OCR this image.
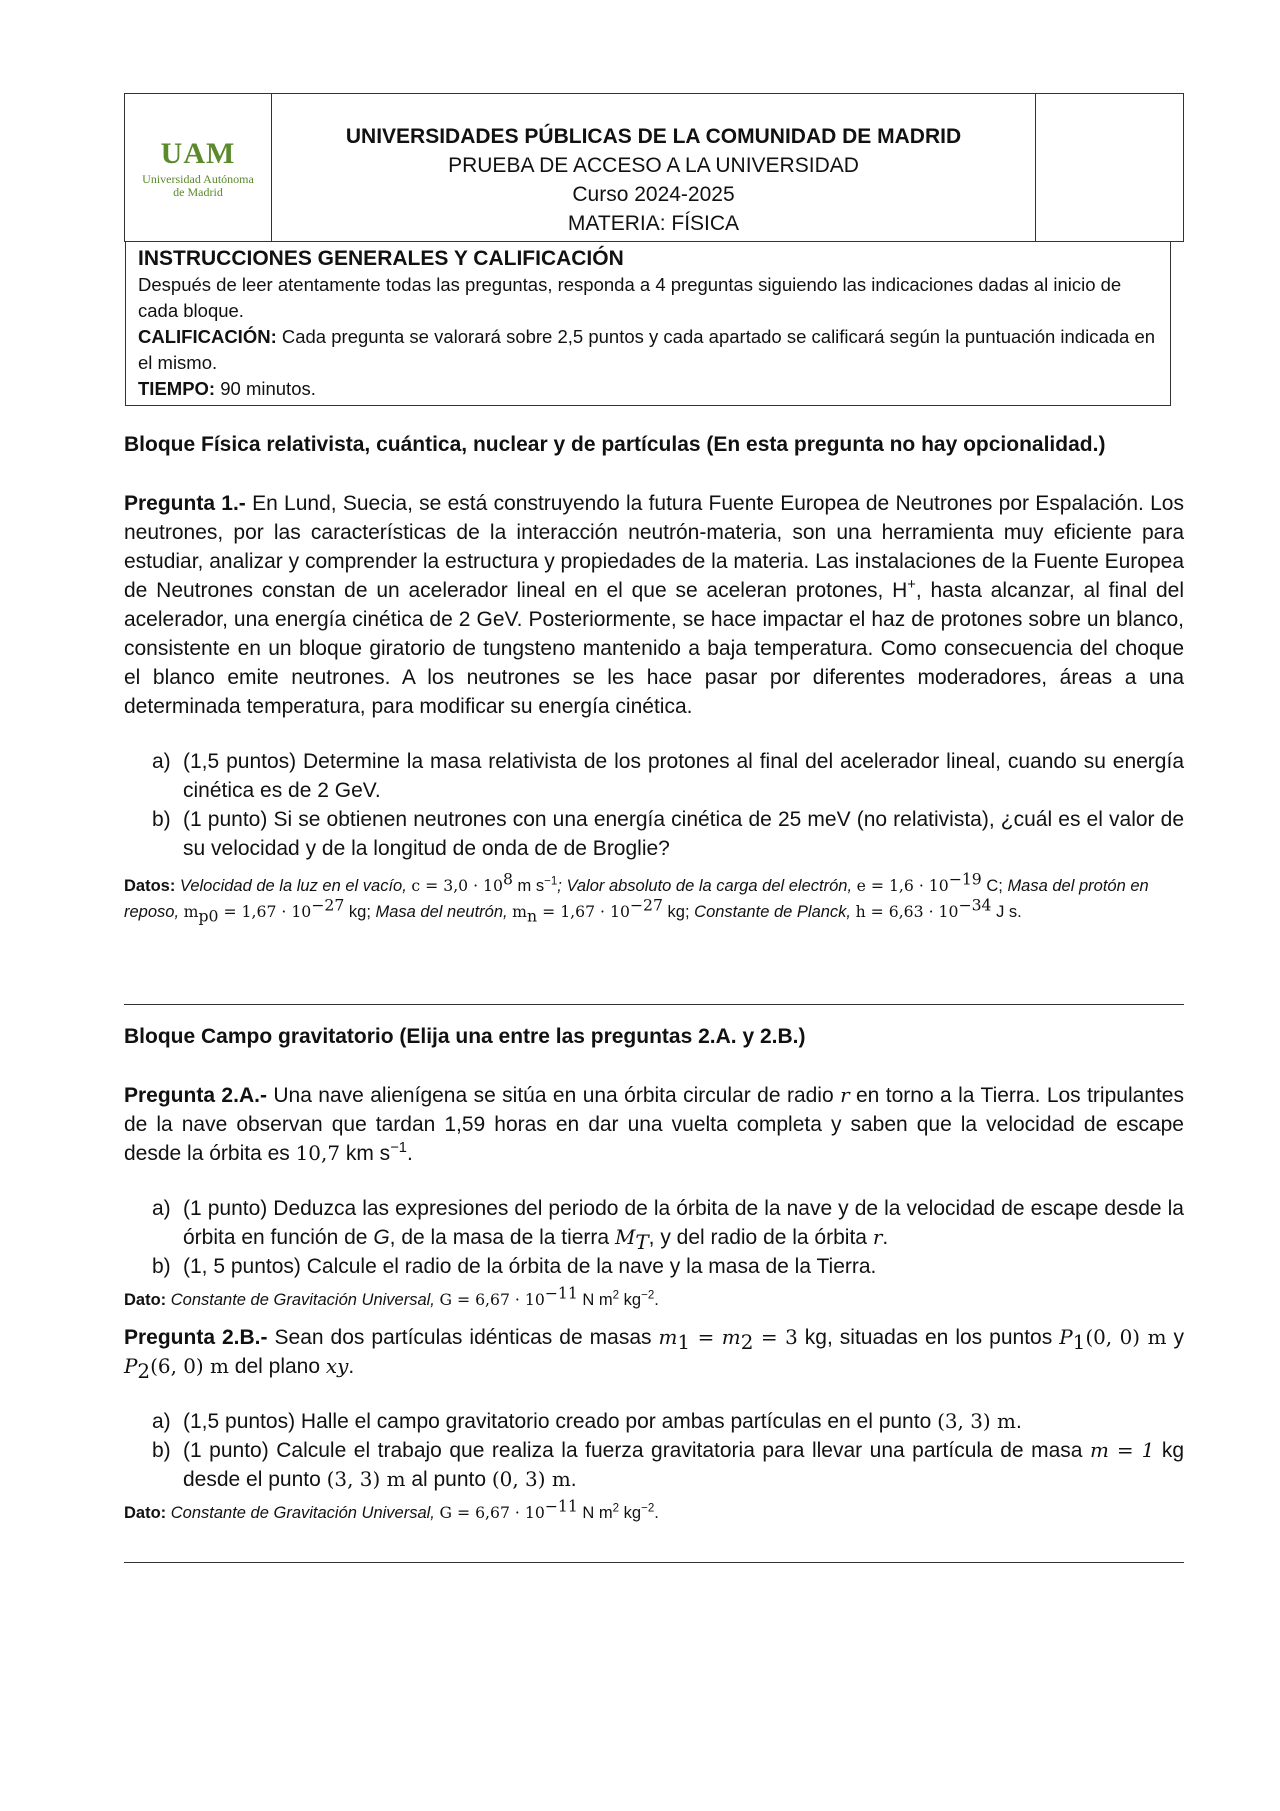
UAM
Universidad Autónoma
de Madrid
UNIVERSIDADES PÚBLICAS DE LA COMUNIDAD DE MADRID
PRUEBA DE ACCESO A LA UNIVERSIDAD
Curso 2024-2025
MATERIA: FÍSICA
INSTRUCCIONES GENERALES Y CALIFICACIÓN
Después de leer atentamente todas las preguntas, responda a 4 preguntas siguiendo las indicaciones dadas al inicio de cada bloque.
CALIFICACIÓN: Cada pregunta se valorará sobre 2,5 puntos y cada apartado se calificará según la puntuación indicada en el mismo.
TIEMPO: 90 minutos.

Bloque Física relativista, cuántica, nuclear y de partículas (En esta pregunta no hay opcionalidad.)

Pregunta 1.- En Lund, Suecia, se está construyendo la futura Fuente Europea de Neutrones por Espalación. Los neutrones, por las características de la interacción neutrón-materia, son una herramienta muy eficiente para estudiar, analizar y comprender la estructura y propiedades de la materia. Las instalaciones de la Fuente Europea de Neutrones constan de un acelerador lineal en el que se aceleran protones, H+, hasta alcanzar, al final del acelerador, una energía cinética de 2 GeV. Posteriormente, se hace impactar el haz de protones sobre un blanco, consistente en un bloque giratorio de tungsteno mantenido a baja temperatura. Como consecuencia del choque el blanco emite neutrones. A los neutrones se les hace pasar por diferentes moderadores, áreas a una determinada temperatura, para modificar su energía cinética.

a) (1,5 puntos) Determine la masa relativista de los protones al final del acelerador lineal, cuando su energía cinética es de 2 GeV.
b) (1 punto) Si se obtienen neutrones con una energía cinética de 25 meV (no relativista), ¿cuál es el valor de su velocidad y de la longitud de onda de de Broglie?

Datos: Velocidad de la luz en el vacío, $c = 3,0 \cdot 10^8$ m $s^{-1}$; Valor absoluto de la carga del electrón, $e = 1,6 \cdot 10^{-19}$ C; Masa del protón en reposo, $m_{p0} = 1,67 \cdot 10^{-27}$ kg; Masa del neutrón, $m_n = 1,67 \cdot 10^{-27}$ kg; Constante de Planck, $h = 6,63 \cdot 10^{-34}$ J s.

Bloque Campo gravitatorio (Elija una entre las preguntas 2.A. y 2.B.)

Pregunta 2.A.- Una nave alienígena se sitúa en una órbita circular de radio r en torno a la Tierra. Los tripulantes de la nave observan que tardan 1,59 horas en dar una vuelta completa y saben que la velocidad de escape desde la órbita es 10,7 km $s^{-1}$.

a) (1 punto) Deduzca las expresiones del periodo de la órbita de la nave y de la velocidad de escape desde la órbita en función de G, de la masa de la tierra $M_T$, y del radio de la órbita r.
b) (1, 5 puntos) Calcule el radio de la órbita de la nave y la masa de la Tierra.

Dato: Constante de Gravitación Universal, $G = 6,67 \cdot 10^{-11}$ N $m^2$ $kg^{-2}$.

Pregunta 2.B.- Sean dos partículas idénticas de masas $m_1 = m_2 = 3$ kg, situadas en los puntos $P_1(0$, 0) m y $P_2(6$, 0) m del plano xy.

a) (1,5 puntos) Halle el campo gravitatorio creado por ambas partículas en el punto (3, 3) m.
b) (1 punto) Calcule el trabajo que realiza la fuerza gravitatoria para llevar una partícula de masa m = 1 kg desde el punto (3, 3) m al punto (0, 3) m.

Dato: Constante de Gravitación Universal, $G = 6,67 \cdot 10^{-11}$ N $m^2$ $kg^{-2}$.
